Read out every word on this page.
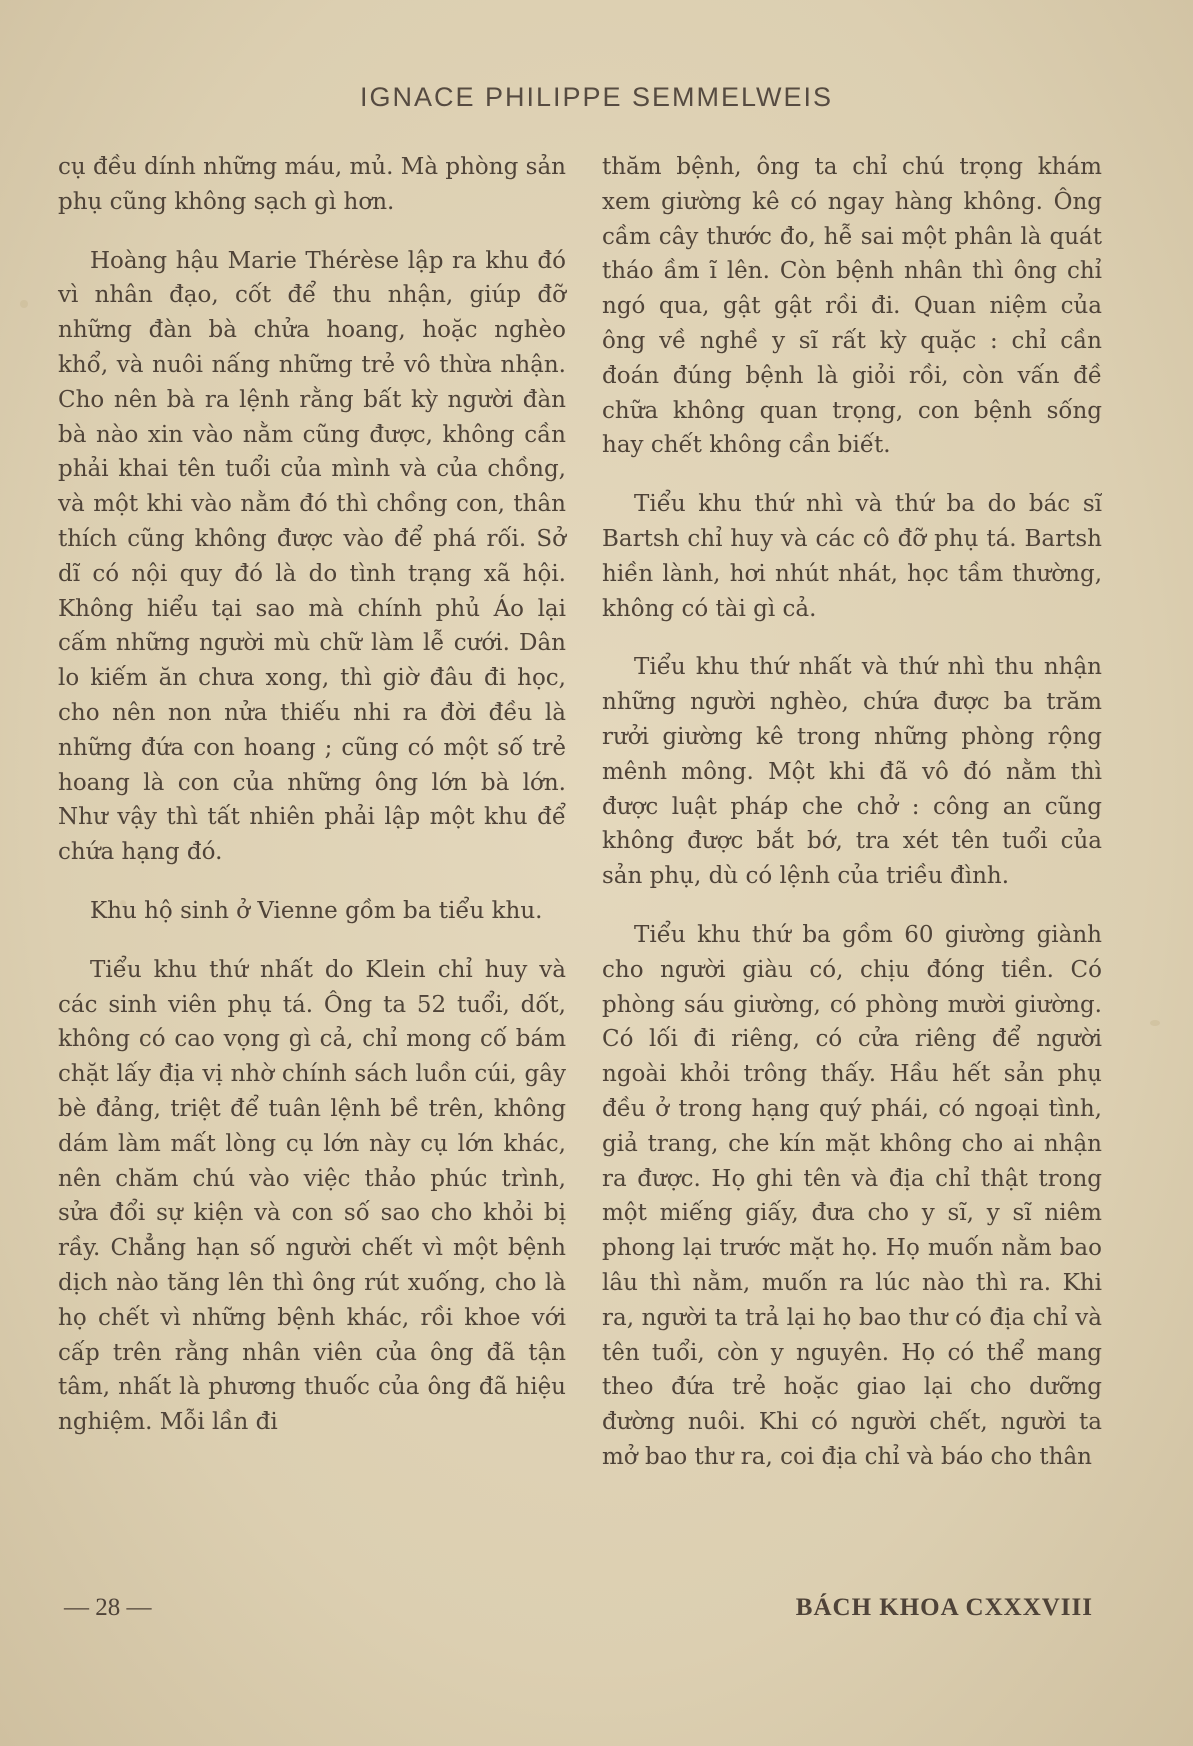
IGNACE PHILIPPE SEMMELWEIS

cụ đều dính những máu, mủ. Mà phòng sản phụ cũng không sạch gì hơn.

Hoàng hậu Marie Thérèse lập ra khu đó vì nhân đạo, cốt để thu nhận, giúp đỡ những đàn bà chửa hoang, hoặc nghèo khổ, và nuôi nấng những trẻ vô thừa nhận. Cho nên bà ra lệnh rằng bất kỳ người đàn bà nào xin vào nằm cũng được, không cần phải khai tên tuổi của mình và của chồng, và một khi vào nằm đó thì chồng con, thân thích cũng không được vào để phá rối. Sở dĩ có nội quy đó là do tình trạng xã hội. Không hiểu tại sao mà chính phủ Áo lại cấm những người mù chữ làm lễ cưới. Dân lo kiếm ăn chưa xong, thì giờ đâu đi học, cho nên non nửa thiếu nhi ra đời đều là những đứa con hoang ; cũng có một số trẻ hoang là con của những ông lớn bà lớn. Như vậy thì tất nhiên phải lập một khu để chứa hạng đó.

Khu hộ sinh ở Vienne gồm ba tiểu khu.

Tiểu khu thứ nhất do Klein chỉ huy và các sinh viên phụ tá. Ông ta 52 tuổi, dốt, không có cao vọng gì cả, chỉ mong cố bám chặt lấy địa vị nhờ chính sách luồn cúi, gây bè đảng, triệt để tuân lệnh bề trên, không dám làm mất lòng cụ lớn này cụ lớn khác, nên chăm chú vào việc thảo phúc trình, sửa đổi sự kiện và con số sao cho khỏi bị rầy. Chẳng hạn số người chết vì một bệnh dịch nào tăng lên thì ông rút xuống, cho là họ chết vì những bệnh khác, rồi khoe với cấp trên rằng nhân viên của ông đã tận tâm, nhất là phương thuốc của ông đã hiệu nghiệm. Mỗi lần đi

thăm bệnh, ông ta chỉ chú trọng khám xem giường kê có ngay hàng không. Ông cầm cây thước đo, hễ sai một phân là quát tháo ầm ĩ lên. Còn bệnh nhân thì ông chỉ ngó qua, gật gật rồi đi. Quan niệm của ông về nghề y sĩ rất kỳ quặc : chỉ cần đoán đúng bệnh là giỏi rồi, còn vấn đề chữa không quan trọng, con bệnh sống hay chết không cần biết.

Tiểu khu thứ nhì và thứ ba do bác sĩ Bartsh chỉ huy và các cô đỡ phụ tá. Bartsh hiền lành, hơi nhút nhát, học tầm thường, không có tài gì cả.

Tiểu khu thứ nhất và thứ nhì thu nhận những người nghèo, chứa được ba trăm rưởi giường kê trong những phòng rộng mênh mông. Một khi đã vô đó nằm thì được luật pháp che chở : công an cũng không được bắt bớ, tra xét tên tuổi của sản phụ, dù có lệnh của triều đình.

Tiểu khu thứ ba gồm 60 giường giành cho người giàu có, chịu đóng tiền. Có phòng sáu giường, có phòng mười giường. Có lối đi riêng, có cửa riêng để người ngoài khỏi trông thấy. Hầu hết sản phụ đều ở trong hạng quý phái, có ngoại tình, giả trang, che kín mặt không cho ai nhận ra được. Họ ghi tên và địa chỉ thật trong một miếng giấy, đưa cho y sĩ, y sĩ niêm phong lại trước mặt họ. Họ muốn nằm bao lâu thì nằm, muốn ra lúc nào thì ra. Khi ra, người ta trả lại họ bao thư có địa chỉ và tên tuổi, còn y nguyên. Họ có thể mang theo đứa trẻ hoặc giao lại cho dưỡng đường nuôi. Khi có người chết, người ta mở bao thư ra, coi địa chỉ và báo cho thân

— 28 —	BÁCH KHOA CXXXVIII
